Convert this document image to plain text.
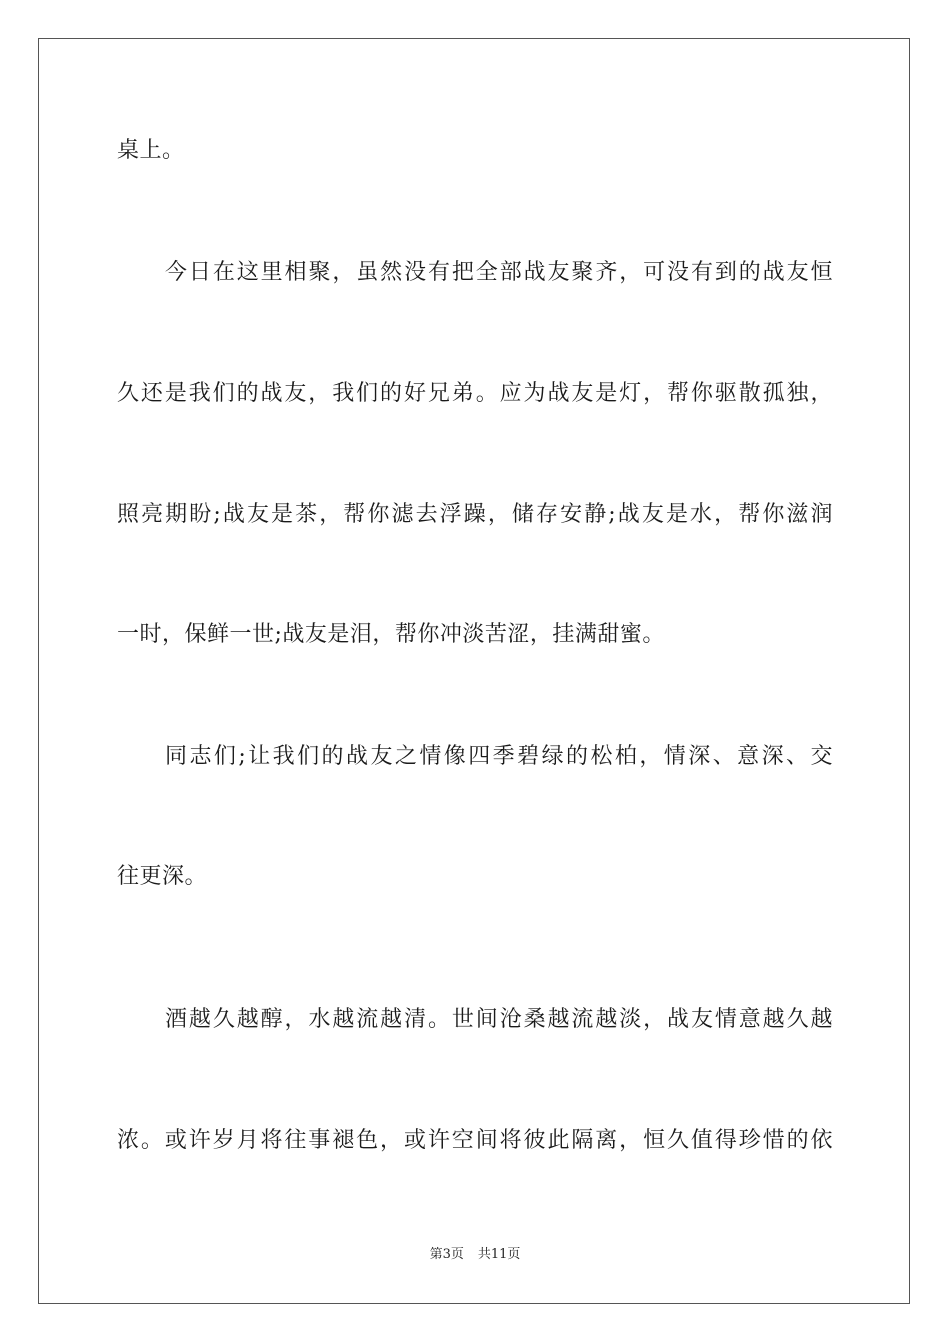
桌上。
今日在这里相聚，虽然没有把全部战友聚齐，可没有到的战友恒
久还是我们的战友，我们的好兄弟。应为战友是灯，帮你驱散孤独，
照亮期盼;战友是茶，帮你滤去浮躁，储存安静;战友是水，帮你滋润
一时，保鲜一世;战友是泪，帮你冲淡苦涩，挂满甜蜜。
同志们;让我们的战友之情像四季碧绿的松柏，情深、意深、交
往更深。
酒越久越醇，水越流越清。世间沧桑越流越淡，战友情意越久越
浓。或许岁月将往事褪色，或许空间将彼此隔离，恒久值得珍惜的依
第3页 共11页
